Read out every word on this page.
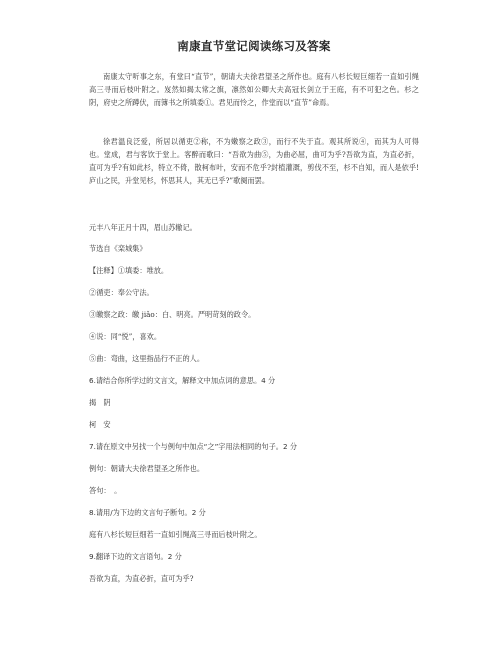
南康直节堂记阅读练习及答案
南康太守听事之东，有堂曰“直节”，朝请大夫徐君望圣之所作也。庭有八杉长短巨细若一直如引绳高三寻而后枝叶附之。岌然如揭太常之旗，凛然如公卿大夫高冠长剑立于王庭，有不可犯之色。杉之阴，府史之所蹲伏，而簿书之所填委①。君见而怜之，作堂而以“直节”命焉。
徐君温良泛爱，所居以循吏②称，不为嫩察之政③，而行不失于直。观其所说④，而其为人可得也。堂成，君与客饮于堂上。客醉而歌曰：“吾欲为曲⑤，为曲必屈，曲可为乎?吾欲为直，为直必折，直可为乎?有如此杉，特立不倚，散柯布叶，安而不危乎?封植灌溉，剪伐不至，杉不自知，而人是依乎!庐山之民，升堂见杉，怀思其人，其无已乎?”歌阕而罢。
元丰八年正月十四，眉山苏辙记。
节选自《栾城集》
【注释】①填委：堆放。
②循吏：奉公守法。
③皦察之政：皦 jiǎo：白、明亮。严明苛刻的政令。
④说：同“悦”，喜欢。
⑤曲：弯曲，这里指品行不正的人。
6.请结合你所学过的文言文，解释文中加点词的意思。4 分
揭　阴
柯　安
7.请在原文中另找一个与例句中加点“之”字用法相同的句子。2 分
例句：朝请大夫徐君望圣之所作也。
答句：　。
8.请用/为下边的文言句子断句。2 分
庭有八杉长短巨细若一直如引绳高三寻而后枝叶附之。
9.翻译下边的文言语句。2 分
吾欲为直，为直必折，直可为乎?
